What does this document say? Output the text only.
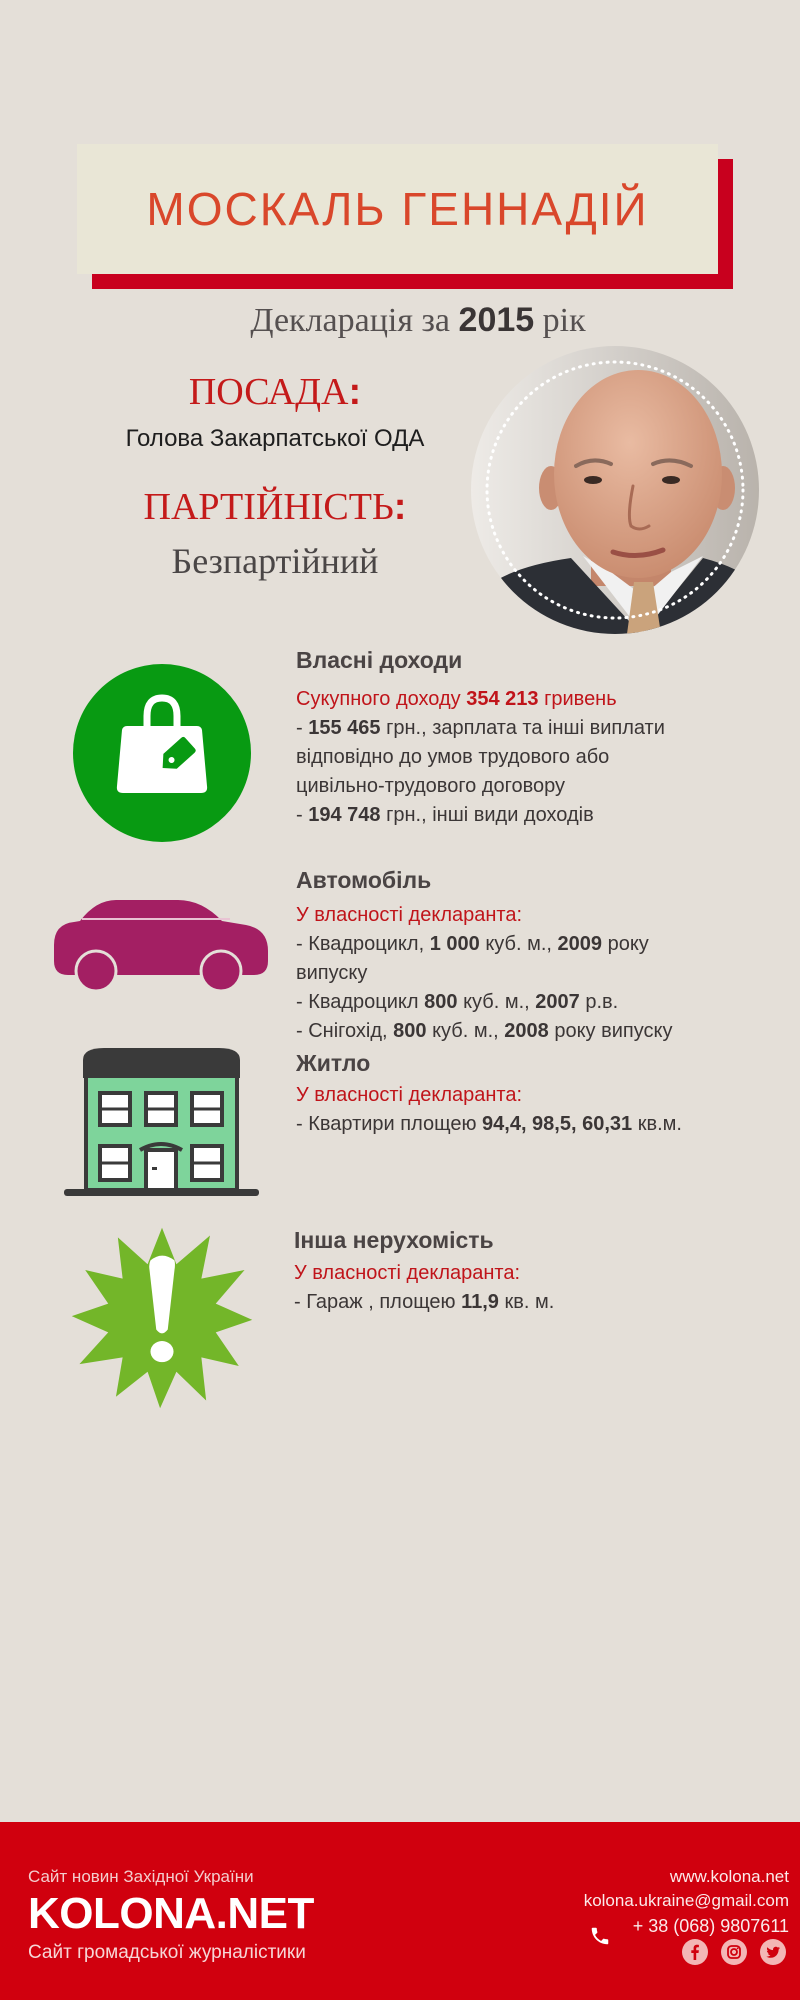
МОСКАЛЬ ГЕННАДІЙ
Декларація за 2015 рік
ПОСАДА:
Голова Закарпатської ОДА
ПАРТІЙНІСТЬ:
Безпартійний
Власні доходи
Сукупного доходу 354 213 гривень
- 155 465 грн., зарплата та інші виплати
відповідно до умов трудового або
цивільно-трудового договору
- 194 748 грн., інші види доходів
Автомобіль
У власності декларанта:
- Квадроцикл, 1 000 куб. м., 2009 року
випуску
- Квадроцикл 800 куб. м., 2007 р.в.
- Снігохід, 800 куб. м., 2008 року випуску
Житло
У власності декларанта:
- Квартири площею 94,4, 98,5, 60,31 кв.м.
Інша нерухомість
У власності декларанта:
- Гараж , площею 11,9 кв. м.
Сайт новин Західної України
KOLONA.NET
Сайт громадської журналістики
www.kolona.net
kolona.ukraine@gmail.com
+ 38 (068) 9807611
